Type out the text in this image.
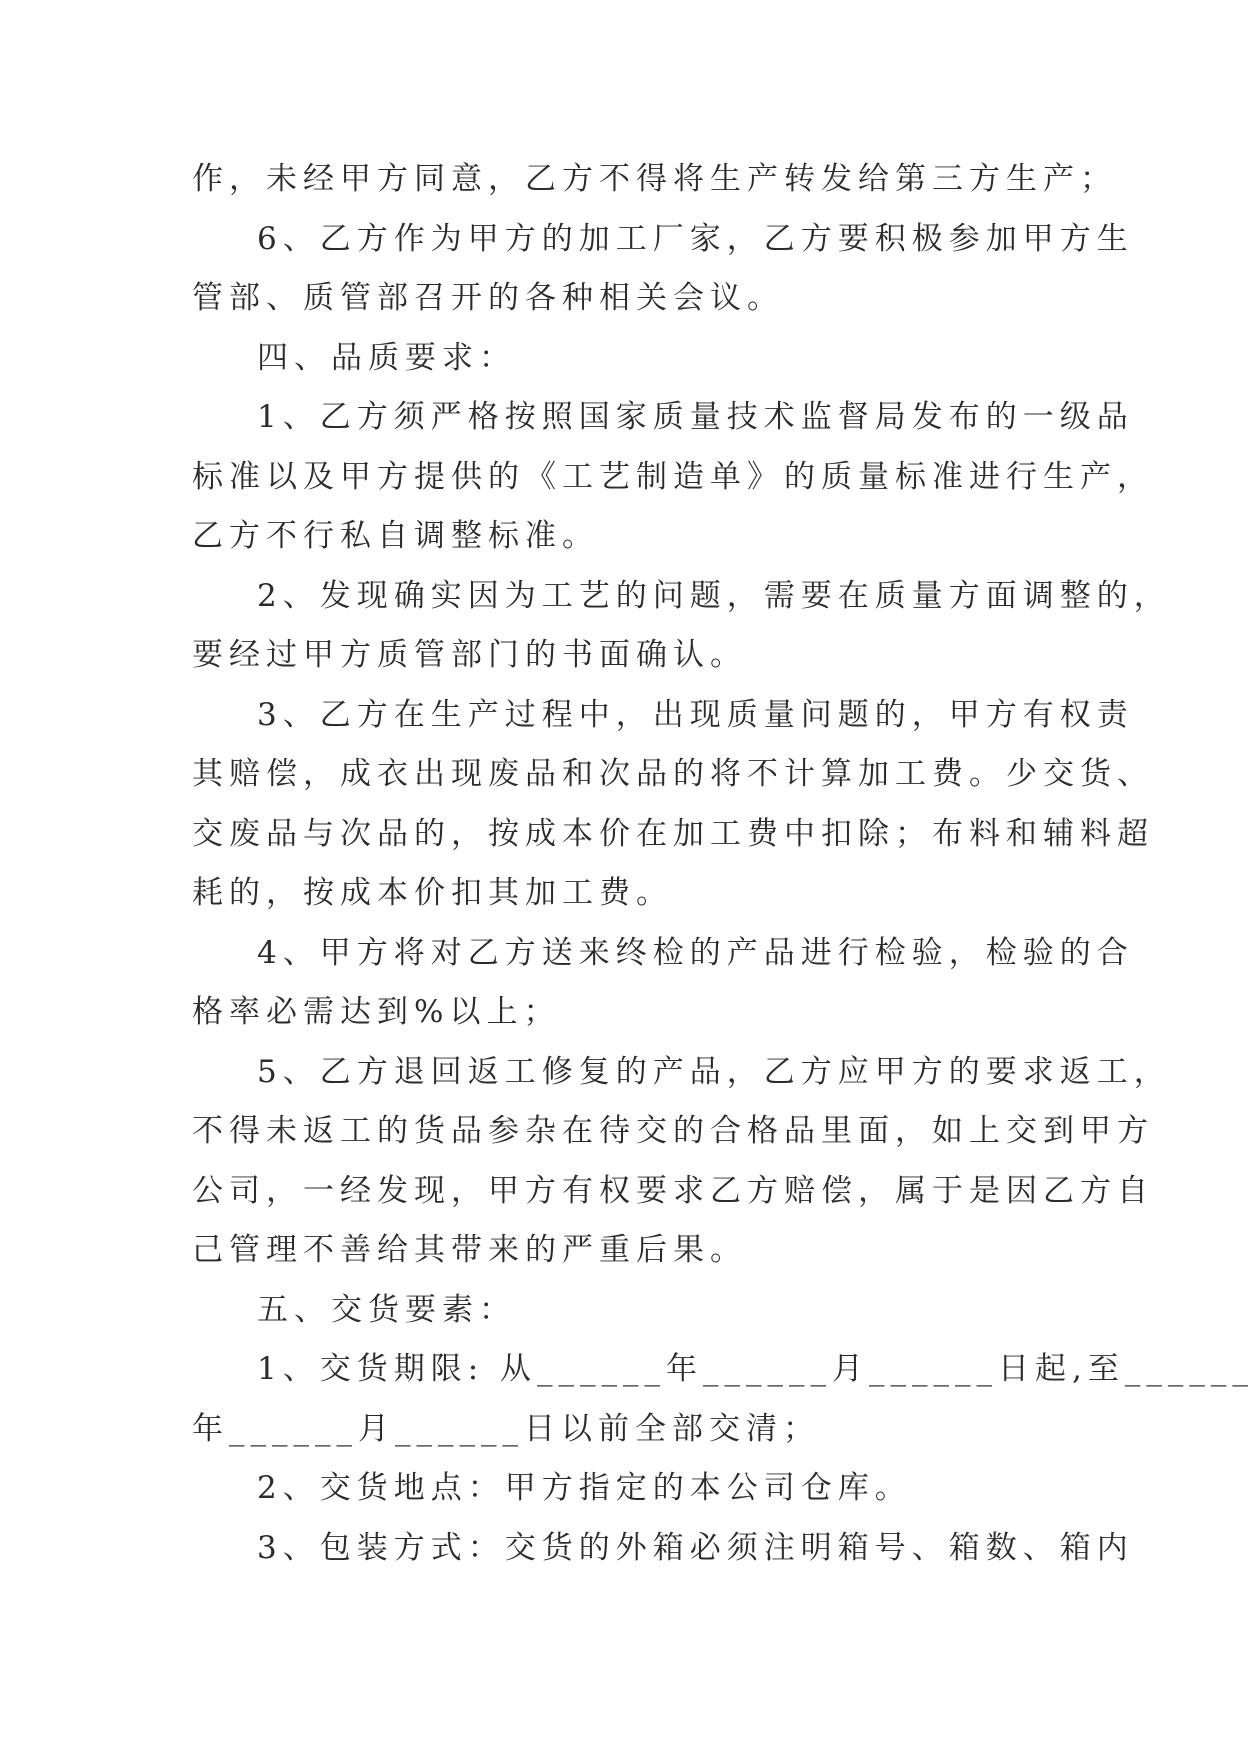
作，未经甲方同意，乙方不得将生产转发给第三方生产；
6、乙方作为甲方的加工厂家，乙方要积极参加甲方生
管部、质管部召开的各种相关会议。
四、品质要求：
1、乙方须严格按照国家质量技术监督局发布的一级品
标准以及甲方提供的《工艺制造单》的质量标准进行生产，
乙方不行私自调整标准。
2、发现确实因为工艺的问题，需要在质量方面调整的，
要经过甲方质管部门的书面确认。
3、乙方在生产过程中，出现质量问题的，甲方有权责
其赔偿，成衣出现废品和次品的将不计算加工费。少交货、
交废品与次品的，按成本价在加工费中扣除；布料和辅料超
耗的，按成本价扣其加工费。
4、甲方将对乙方送来终检的产品进行检验，检验的合
格率必需达到%以上；
5、乙方退回返工修复的产品，乙方应甲方的要求返工，
不得未返工的货品参杂在待交的合格品里面，如上交到甲方
公司，一经发现，甲方有权要求乙方赔偿，属于是因乙方自
己管理不善给其带来的严重后果。
五、交货要素：
1、交货期限: 从______年______月______日起,至______
年______月______日以前全部交清；
2、交货地点：甲方指定的本公司仓库。
3、包装方式：交货的外箱必须注明箱号、箱数、箱内
